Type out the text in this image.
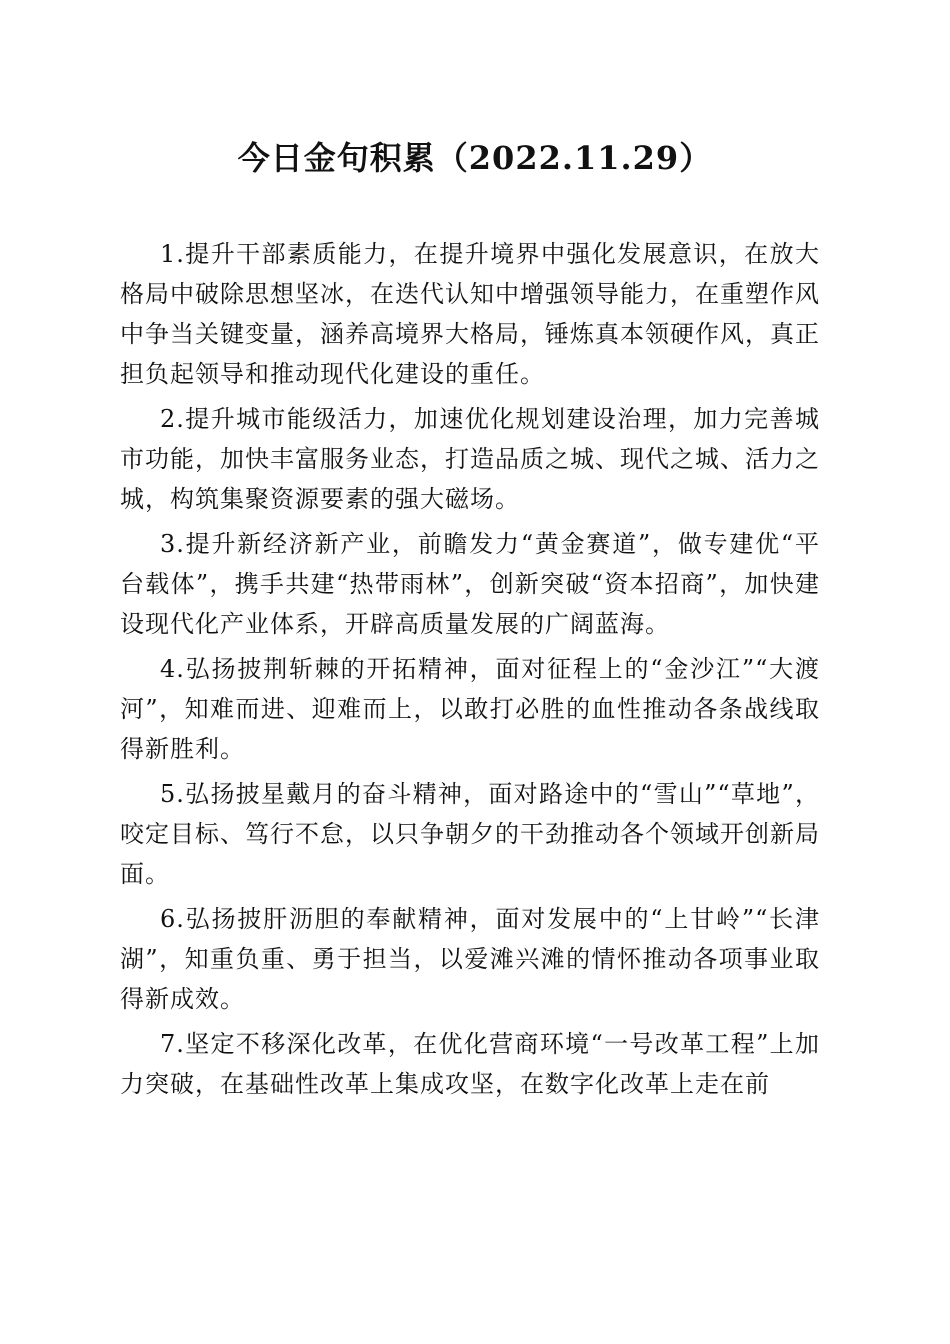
今日金句积累（2022.11.29）

1.提升干部素质能力，在提升境界中强化发展意识，在放大格局中破除思想坚冰，在迭代认知中增强领导能力，在重塑作风中争当关键变量，涵养高境界大格局，锤炼真本领硬作风，真正担负起领导和推动现代化建设的重任。

2.提升城市能级活力，加速优化规划建设治理，加力完善城市功能，加快丰富服务业态，打造品质之城、现代之城、活力之城，构筑集聚资源要素的强大磁场。

3.提升新经济新产业，前瞻发力“黄金赛道”，做专建优“平台载体”，携手共建“热带雨林”，创新突破“资本招商”，加快建设现代化产业体系，开辟高质量发展的广阔蓝海。

4.弘扬披荆斩棘的开拓精神，面对征程上的“金沙江”“大渡河”，知难而进、迎难而上，以敢打必胜的血性推动各条战线取得新胜利。

5.弘扬披星戴月的奋斗精神，面对路途中的“雪山”“草地”，咬定目标、笃行不怠，以只争朝夕的干劲推动各个领域开创新局面。

6.弘扬披肝沥胆的奉献精神，面对发展中的“上甘岭”“长津湖”，知重负重、勇于担当，以爱滩兴滩的情怀推动各项事业取得新成效。

7.坚定不移深化改革，在优化营商环境“一号改革工程”上加力突破，在基础性改革上集成攻坚，在数字化改革上走在前
